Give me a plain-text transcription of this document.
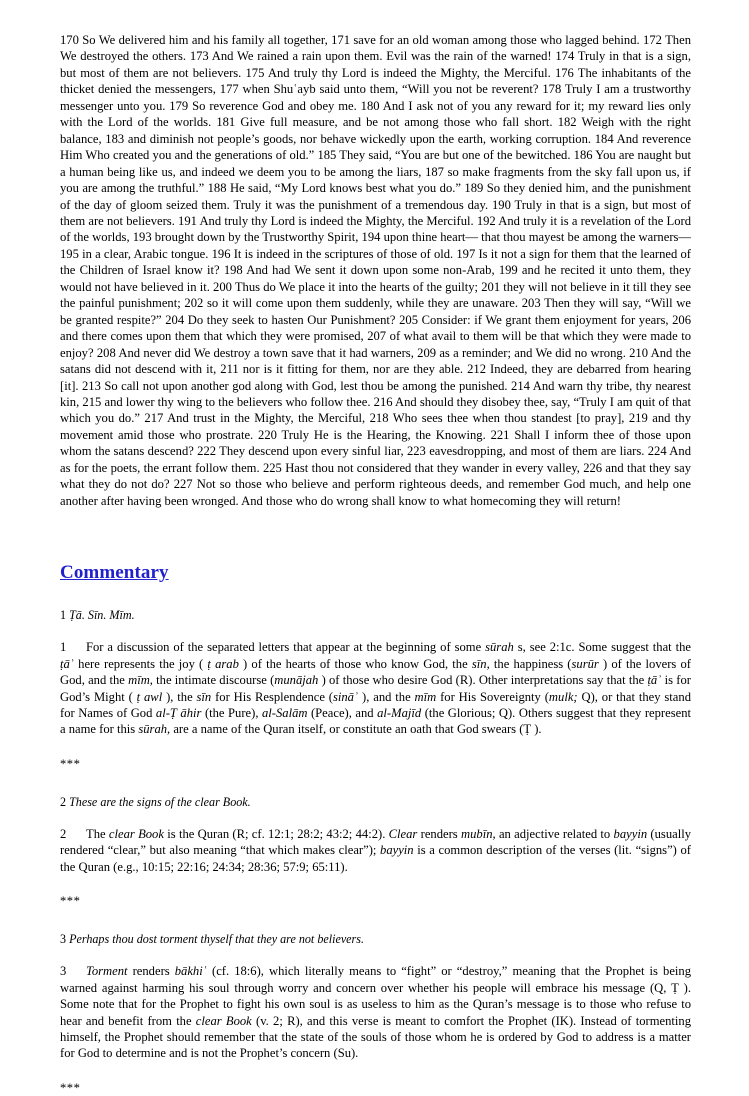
170 So We delivered him and his family all together, 171 save for an old woman among those who lagged behind. 172 Then We destroyed the others. 173 And We rained a rain upon them. Evil was the rain of the warned! 174 Truly in that is a sign, but most of them are not believers. 175 And truly thy Lord is indeed the Mighty, the Merciful. 176 The inhabitants of the thicket denied the messengers, 177 when Shuʿayb said unto them, “Will you not be reverent? 178 Truly I am a trustworthy messenger unto you. 179 So reverence God and obey me. 180 And I ask not of you any reward for it; my reward lies only with the Lord of the worlds. 181 Give full measure, and be not among those who fall short. 182 Weigh with the right balance, 183 and diminish not people’s goods, nor behave wickedly upon the earth, working corruption. 184 And reverence Him Who created you and the generations of old.” 185 They said, “You are but one of the bewitched. 186 You are naught but a human being like us, and indeed we deem you to be among the liars, 187 so make fragments from the sky fall upon us, if you are among the truthful.” 188 He said, “My Lord knows best what you do.” 189 So they denied him, and the punishment of the day of gloom seized them. Truly it was the punishment of a tremendous day. 190 Truly in that is a sign, but most of them are not believers. 191 And truly thy Lord is indeed the Mighty, the Merciful. 192 And truly it is a revelation of the Lord of the worlds, 193 brought down by the Trustworthy Spirit, 194 upon thine heart— that thou mayest be among the warners— 195 in a clear, Arabic tongue. 196 It is indeed in the scriptures of those of old. 197 Is it not a sign for them that the learned of the Children of Israel know it? 198 And had We sent it down upon some non-Arab, 199 and he recited it unto them, they would not have believed in it. 200 Thus do We place it into the hearts of the guilty; 201 they will not believe in it till they see the painful punishment; 202 so it will come upon them suddenly, while they are unaware. 203 Then they will say, “Will we be granted respite?” 204 Do they seek to hasten Our Punishment? 205 Consider: if We grant them enjoyment for years, 206 and there comes upon them that which they were promised, 207 of what avail to them will be that which they were made to enjoy? 208 And never did We destroy a town save that it had warners, 209 as a reminder; and We did no wrong. 210 And the satans did not descend with it, 211 nor is it fitting for them, nor are they able. 212 Indeed, they are debarred from hearing [it]. 213 So call not upon another god along with God, lest thou be among the punished. 214 And warn thy tribe, thy nearest kin, 215 and lower thy wing to the believers who follow thee. 216 And should they disobey thee, say, “Truly I am quit of that which you do.” 217 And trust in the Mighty, the Merciful, 218 Who sees thee when thou standest [to pray], 219 and thy movement amid those who prostrate. 220 Truly He is the Hearing, the Knowing. 221 Shall I inform thee of those upon whom the satans descend? 222 They descend upon every sinful liar, 223 eavesdropping, and most of them are liars. 224 And as for the poets, the errant follow them. 225 Hast thou not considered that they wander in every valley, 226 and that they say what they do not do? 227 Not so those who believe and perform righteous deeds, and remember God much, and help one another after having been wronged. And those who do wrong shall know to what homecoming they will return!

Commentary

1 Ṭā. Sīn. Mīm.

1 For a discussion of the separated letters that appear at the beginning of some sūrah s, see 2:1c. Some suggest that the ṭāʾ here represents the joy ( ṭ arab ) of the hearts of those who know God, the sīn, the happiness (surūr ) of the lovers of God, and the mīm, the intimate discourse (munājah ) of those who desire God (R). Other interpretations say that the ṭāʾ is for God’s Might ( ṭ awl ), the sīn for His Resplendence (sināʾ ), and the mīm for His Sovereignty (mulk; Q), or that they stand for Names of God al-Ṭ āhir (the Pure), al-Salām (Peace), and al-Majīd (the Glorious; Q). Others suggest that they represent a name for this sūrah, are a name of the Quran itself, or constitute an oath that God swears (Ṭ ).

***

2 These are the signs of the clear Book.

2 The clear Book is the Quran (R; cf. 12:1; 28:2; 43:2; 44:2). Clear renders mubīn, an adjective related to bayyin (usually rendered “clear,” but also meaning “that which makes clear”); bayyin is a common description of the verses (lit. “signs”) of the Quran (e.g., 10:15; 22:16; 24:34; 28:36; 57:9; 65:11).

***

3 Perhaps thou dost torment thyself that they are not believers.

3 Torment renders bākhiʿ (cf. 18:6), which literally means to “fight” or “destroy,” meaning that the Prophet is being warned against harming his soul through worry and concern over whether his people will embrace his message (Q, Ṭ ). Some note that for the Prophet to fight his own soul is as useless to him as the Quran’s message is to those who refuse to hear and benefit from the clear Book (v. 2; R), and this verse is meant to comfort the Prophet (IK). Instead of tormenting himself, the Prophet should remember that the state of the souls of those whom he is ordered by God to address is a matter for God to determine and is not the Prophet’s concern (Su).

***
